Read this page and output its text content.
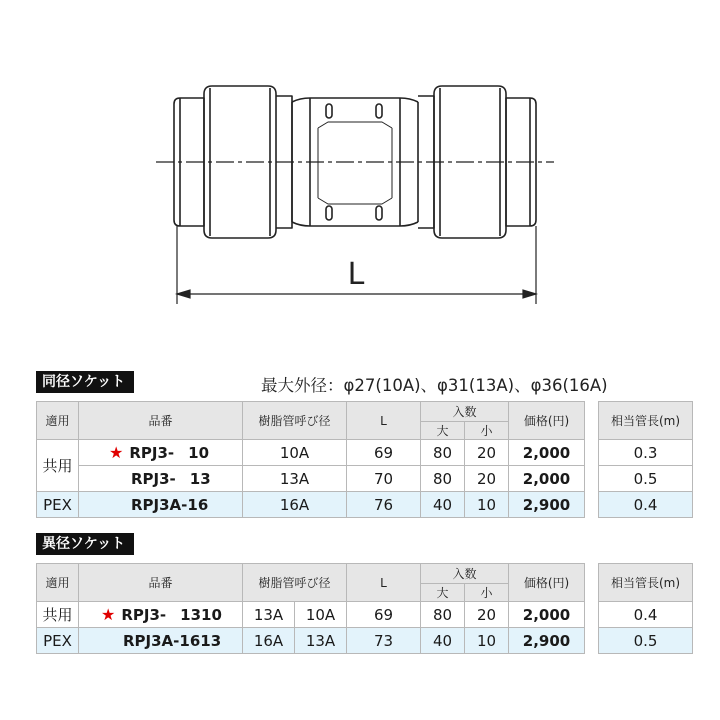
L
同径ソケット	最大外径：φ27(10A)、φ31(13A)、φ36(16A)
適用	品番	樹脂管呼び径	L	入数		価格(円)		相当管長(m)
				大	小			
共用	★ RPJ3- 10	10A	69	80	20	2,000		0.3
	RPJ3- 13	13A	70	80	20	2,000		0.5
PEX	RPJ3A-16	16A	76	40	10	2,900		0.4
異径ソケット
適用	品番	樹脂管呼び径		L	入数		価格(円)		相当管長(m)
					大	小			
共用	★ RPJ3- 1310	13A	10A	69	80	20	2,000		0.4
PEX	RPJ3A-1613	16A	13A	73	40	10	2,900		0.5
